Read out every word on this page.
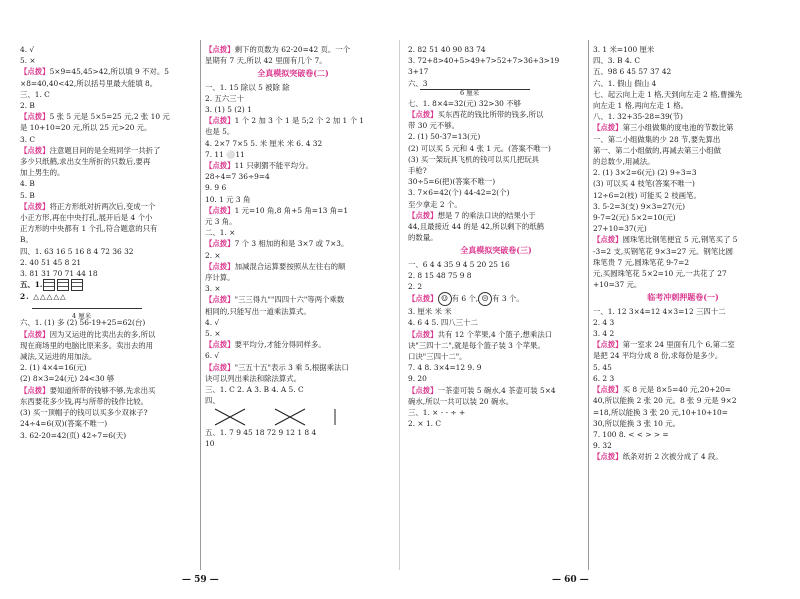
4. √
5. ×
【点拨】5×9=45,45>42,所以填 9 不对。5
×8=40,40<42,所以括号里最大能填 8。
三、1. C
2. B
【点拨】5 张 5 元是 5×5=25 元,2 张 10 元
是 10+10=20 元,所以 25 元>20 元。
3. C
【点拨】注意题目问的是全班同学一共折了
多少只纸鹤,求出女生所折的只数后,要再
加上男生的。
4. B
5. B
【点拨】将正方形纸对折两次后,变成一个
小正方形,再在中央打孔,展开后是 4 个小
正方形的中央都有 1 个孔,符合题意的只有
B。
四、1. 63 16 5 16 8 4 72 36 32
2. 40 51 45 8 21
3. 81 31 70 71 44 18
五、1.
2. △△△△△
4 厘米
六、1. (1) 多 (2) 56-19+25=62(台)
【点拨】因为又运进的比卖出去的多,所以
现在商场里的电脑比原来多。卖出去的用
减法,又运进的用加法。
2. (1) 4×4=16(元)
(2) 8×3=24(元) 24<30 够
【点拨】要知道所带的钱够不够,先求出买
东西要花多少钱,再与所带的钱作比较。
(3) 买一顶帽子的钱可以买多少双袜子?
24÷4=6(双)(答案不唯一)
3. 62-20=42(页) 42÷7=6(天)
【点拨】剩下的页数为 62-20=42 页。一个
星期有 7 天,所以 42 里面有几个 7。
全真模拟突破卷(二)
一、1. 15 除以 5 被除 除
2. 五六三十
3. (1) 5 (2) 1
【点拨】1 个 2 加 3 个 1 是 5;2 个 2 加 1 个 1
也是 5。
4. 2×7 7×5 5. 米 厘米 米 6. 4 32
7. 11 ⚪11
【点拨】11 只刺猬不能平均分。
28÷4=7 36÷9=4
9. 9 6
10. 1 元 3 角
【点拨】1 元=10 角,8 角+5 角=13 角=1
元 3 角。
二、1. ×
【点拨】7 个 3 相加的和是 3×7 或 7×3。
2. ×
【点拨】加减混合运算要按照从左往右的顺
序计算。
3. ×
【点拨】"三三得九""四四十六"等两个乘数
相同的,只能写出一道乘法算式。
4. √
5. ×
【点拨】要平均分,才能分得同样多。
6. √
【点拨】"三五十五"表示 3 乘 5,根据乘法口
诀可以列出乘法和除法算式。
三、1. C 2. A 3. B 4. A 5. C
四、
五、1. 7 9 45 18 72 9 12 1 8 4
10
2. 82 51 40 90 83 74
3. 72+8>40+5>49+7>52+7>36+3>19
3+17
六、3
6 厘米
七、1. 8×4=32(元) 32>30 不够
【点拨】买东西花的钱比所带的钱多,所以
带 30 元不够。
2. (1) 50-37=13(元)
(2) 可以买 5 元和 4 张 1 元。(答案不唯一)
(3) 买一架玩具飞机的钱可以买几把玩具
手枪?
30÷5=6(把)(答案不唯一)
3. 7×6=42(个) 44-42=2(个)
至少拿走 2 个。
【点拨】想是 7 的乘法口诀的结果小于
44,且最接近 44 的是 42,所以剩下的纸鹤
的数量。
全真模拟突破卷(三)
一、6 4 4 35 9 4 5 20 25 16
2. 8 15 48 75 9 8
2. 2
【点拨】 ☺ 有 6 个, ☹ 有 3 个。
3. 厘米 米 米
4. 6 4 5. 四八三十二
【点拨】共有 12 个苹果,4 个篮子,想乘法口
诀"三四十二",就是每个篮子装 3 个苹果。
口诀"三四十二"。
7. 4 8. 3×4=12 9. 9
9. 20
【点拨】一茶壶可装 5 碗水,4 茶壶可装 5×4
碗水,所以一共可以装 20 碗水。
三、1. × - - ÷ +
2. × 1. C
3. 1 米=100 厘米
四、3. B 4. C
五、98 6 45 57 37 42
六、1. 假山 假山 4
七、起云向上走 1 格,天到向左走 2 格,曹操先
向左走 1 格,再向左走 1 格。
八、1. 32+35-28=39(节)
【点拨】第三小组做集的度电池的节数比第
一、第二小组做集的少 28 节,要先算出
第一、第二小组做的,再减去第三小组做
的总数少,用减法。
2. (1) 3×2=6(元) (2) 9÷3=3
(3) 可以买 4 枝笔(答案不唯一)
12÷6=2(枝) 可能买 2 枝画笔。
3. 5-2=3(支) 9×3=27(元)
9-7=2(元) 5×2=10(元)
27+10=37(元)
【点拨】圆珠笔比钢笔便宜 5 元,钢笔买了 5
-3=2 支,买钢笔花 9×3=27 元。钢笔比圆
珠笔贵 7 元,圆珠笔花 9-7=2
元,买圆珠笔花 5×2=10 元,一共花了 27
+10=37 元。
临考冲刺押题卷(一)
一、1. 12 3×4=12 4×3=12 三四十二
2. 4 3
3. 4 2
【点拨】第一室求 24 里面有几个 6,第二室
是把 24 平均分成 8 份,求每份是多少。
5. 45
6. 2 3
【点拨】买 8 元是 8×5=40 元,20+20=
40,所以能换 2 张 20 元。8 张 9 元是 9×2
=18,所以能换 3 张 20 元,10+10+10=
30,所以能换 3 张 10 元。
7. 100 8. < < > > =
9. 32
【点拨】纸条对折 2 次被分成了 4 段。
— 59 —	— 60 —
